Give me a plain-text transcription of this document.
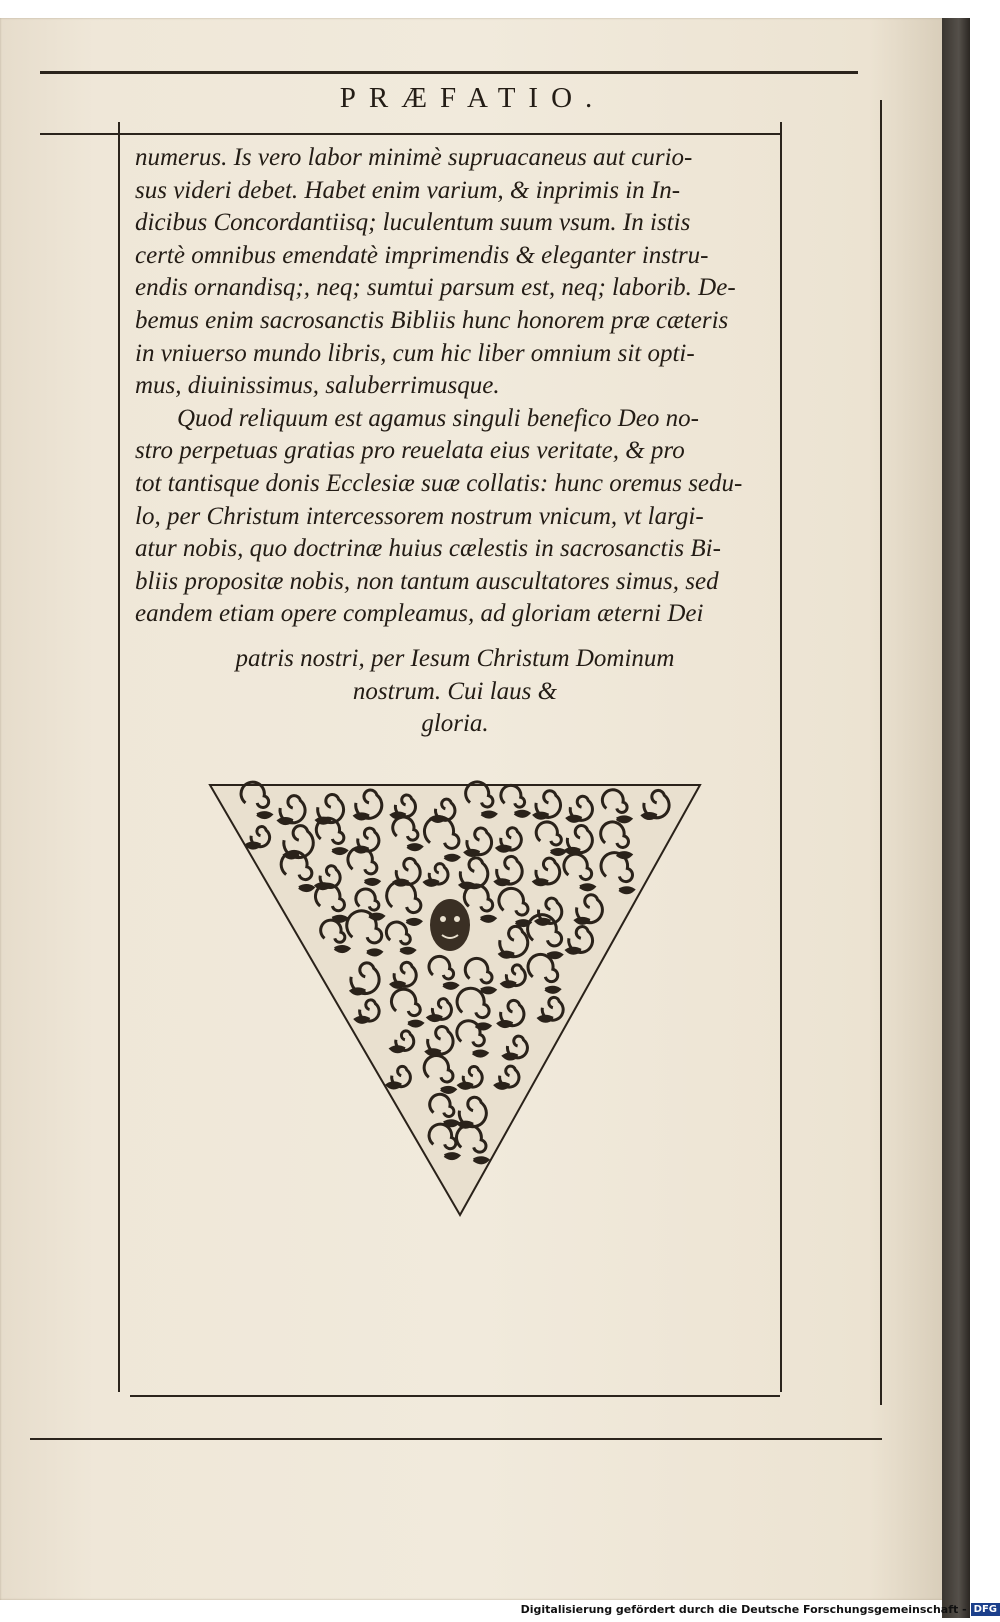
PRÆFATIO.
numerus. Is vero labor minimè supruacaneus aut curio-
sus videri debet. Habet enim varium, & inprimis in In-
dicibus Concordantiisq; luculentum suum vsum. In istis
certè omnibus emendatè imprimendis & eleganter instru-
endis ornandisq;, neq; sumtui parsum est, neq; laborib. De-
bemus enim sacrosanctis Bibliis hunc honorem præ cæteris
in vniuerso mundo libris, cum hic liber omnium sit opti-
mus, diuinissimus, saluberrimusque.
Quod reliquum est agamus singuli benefico Deo no-
stro perpetuas gratias pro reuelata eius veritate, & pro
tot tantisque donis Ecclesiæ suæ collatis: hunc oremus sedu-
lo, per Christum intercessorem nostrum vnicum, vt largi-
atur nobis, quo doctrinæ huius cælestis in sacrosanctis Bi-
bliis propositæ nobis, non tantum auscultatores simus, sed
eandem etiam opere compleamus, ad gloriam æterni Dei
patris nostri, per Iesum Christum Dominum
nostrum. Cui laus &
gloria.
Digitalisierung gefördert durch die Deutsche Forschungsgemeinschaft - DFG
